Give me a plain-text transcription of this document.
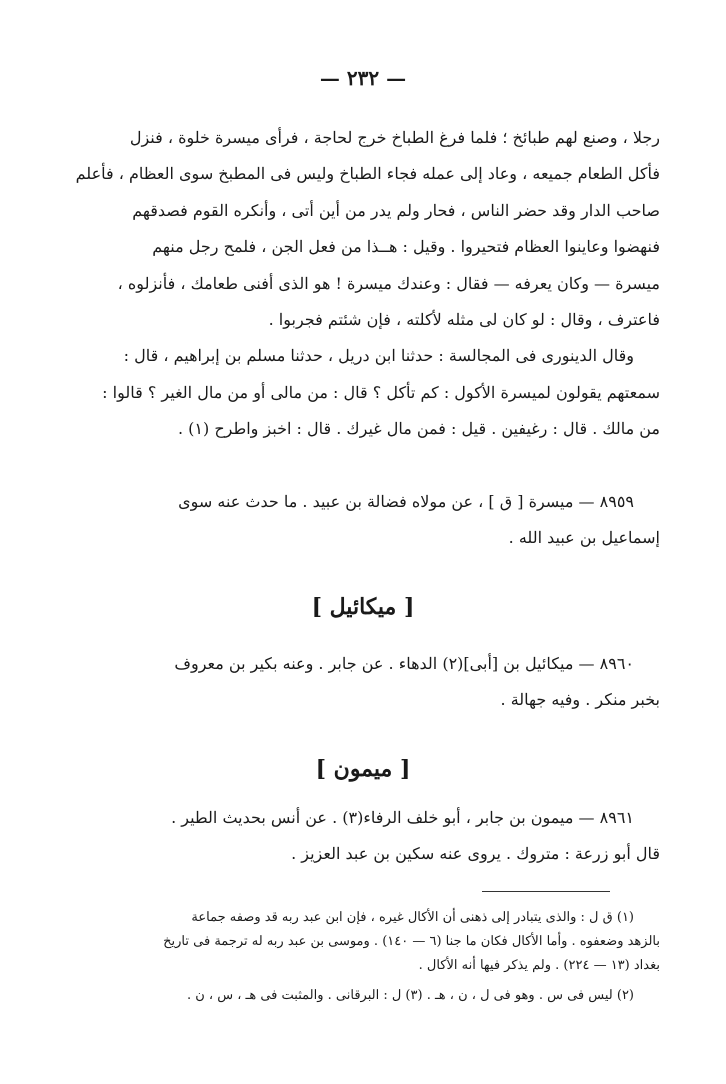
— ٢٣٢ —

رجلا ، وصنع لهم طبائخ ؛ فلما فرغ الطباخ خرج لحاجة ، فرأى ميسرة خلوة ، فنزل

فأكل الطعام جميعه ، وعاد إلى عمله فجاء الطباخ وليس فى المطبخ سوى العظام ، فأعلم

صاحب الدار وقد حضر الناس ، فحار ولم يدر من أين أتى ، وأنكره القوم فصدقهم

فنهضوا وعاينوا العظام فتحيروا . وقيل : هــذا من فعل الجن ، فلمح رجل منهم

ميسرة — وكان يعرفه — فقال : وعندك ميسرة ! هو الذى أفنى طعامك ، فأنزلوه ،

فاعترف ، وقال : لو كان لى مثله لأكلته ، فإن شئتم فجربوا .

وقال الدينورى فى المجالسة : حدثنا ابن دريل ، حدثنا مسلم بن إبراهيم ، قال :

سمعتهم يقولون لميسرة الأكول : كم تأكل ؟ قال : من مالى أو من مال الغير ؟ قالوا :

من مالك . قال : رغيفين . قيل : فمن مال غيرك . قال : اخبز واطرح (١) .

٨٩٥٩ — ميسرة [ ق ] ، عن مولاه فضالة بن عبيد . ما حدث عنه سوى

إسماعيل بن عبيد الله .

[ ميكائيل ]

٨٩٦٠ — ميكائيل بن [أبى](٢) الدهاء . عن جابر . وعنه بكير بن معروف

بخبر منكر . وفيه جهالة .

[ ميمون ]

٨٩٦١ — ميمون بن جابر ، أبو خلف الرفاء(٣) . عن أنس بحديث الطير .

قال أبو زرعة : متروك . يروى عنه سكين بن عبد العزيز .

(١) ق ل : والذى يتبادر إلى ذهنى أن الأكال غيره ، فإن ابن عبد ربه قد وصفه جماعة

بالزهد وضعفوه . وأما الأكال فكان ما جنا (٦ — ١٤٠) . وموسى بن عبد ربه له ترجمة فى تاريخ

بغداد (١٣ — ٢٢٤) . ولم يذكر فيها أنه الأكال .

(٢) ليس فى س . وهو فى ل ، ن ، هـ . (٣) ل : البرقانى . والمثبت فى هـ ، س ، ن .
